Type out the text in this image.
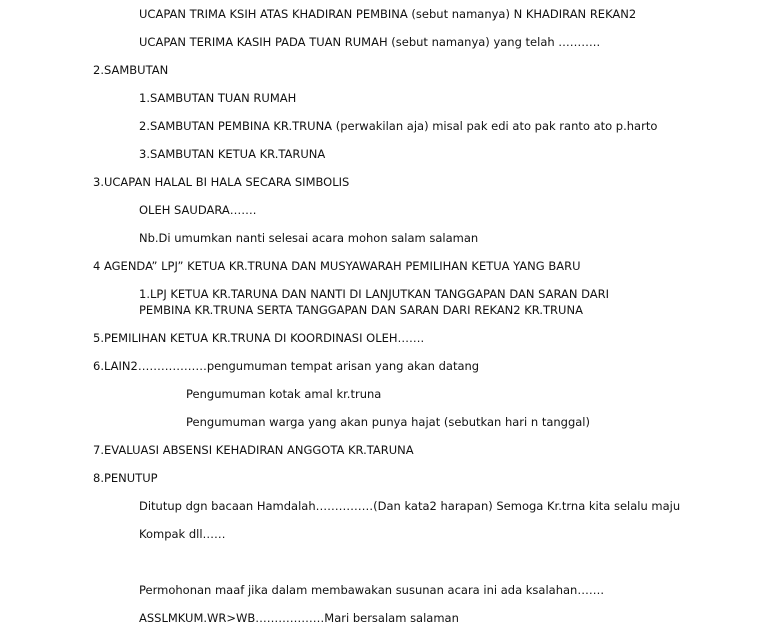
UCAPAN TRIMA KSIH ATAS KHADIRAN PEMBINA (sebut namanya) N KHADIRAN REKAN2

UCAPAN TERIMA KASIH PADA TUAN RUMAH (sebut namanya) yang telah ………..

2.SAMBUTAN

1.SAMBUTAN TUAN RUMAH

2.SAMBUTAN PEMBINA KR.TRUNA (perwakilan aja) misal pak edi ato pak ranto ato p.harto

3.SAMBUTAN KETUA KR.TARUNA

3.UCAPAN HALAL BI HALA SECARA SIMBOLIS

OLEH SAUDARA…….

Nb.Di umumkan nanti selesai acara mohon salam salaman

4 AGENDA” LPJ” KETUA KR.TRUNA DAN MUSYAWARAH PEMILIHAN KETUA YANG BARU

1.LPJ KETUA KR.TARUNA DAN NANTI DI LANJUTKAN TANGGAPAN DAN SARAN DARI

PEMBINA KR.TRUNA SERTA TANGGAPAN DAN SARAN DARI REKAN2 KR.TRUNA

5.PEMILIHAN KETUA KR.TRUNA DI KOORDINASI OLEH…….

6.LAIN2………………pengumuman tempat arisan yang akan datang

Pengumuman kotak amal kr.truna

Pengumuman warga yang akan punya hajat (sebutkan hari n tanggal)

7.EVALUASI ABSENSI KEHADIRAN ANGGOTA KR.TARUNA

8.PENUTUP

Ditutup dgn bacaan Hamdalah……………(Dan kata2 harapan) Semoga Kr.trna kita selalu maju

Kompak dll……

Permohonan maaf jika dalam membawakan susunan acara ini ada ksalahan…….

ASSLMKUM.WR>WB………………Mari bersalam salaman
